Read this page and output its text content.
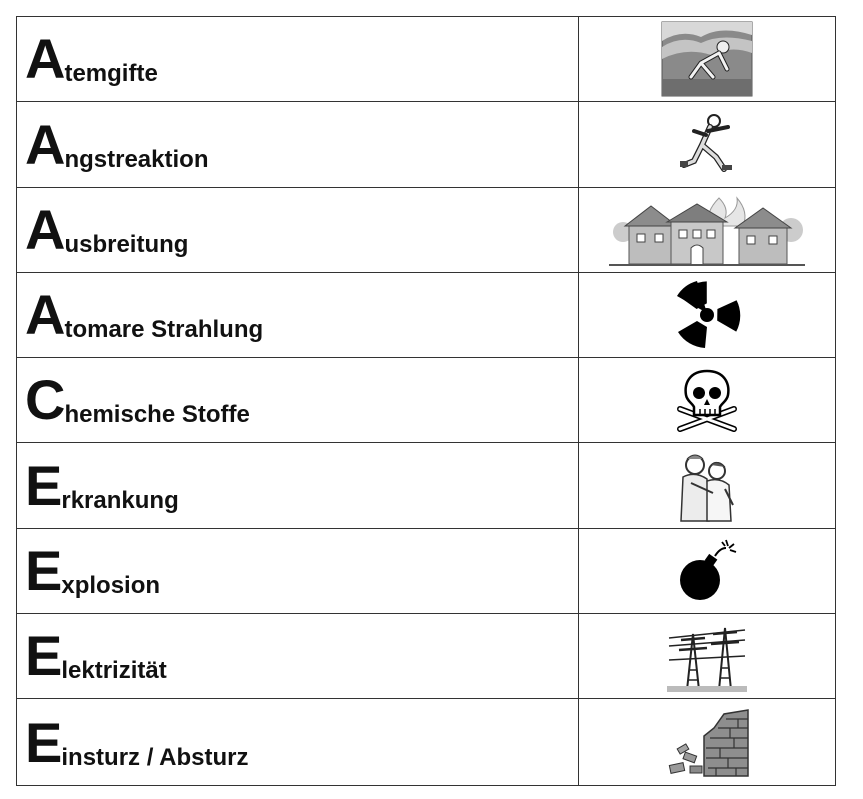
A temgifte
A ngstreaktion
A usbreitung
A tomare Strahlung
C hemische Stoffe
E rkrankung
E xplosion
E lektrizität
E insturz / Absturz
